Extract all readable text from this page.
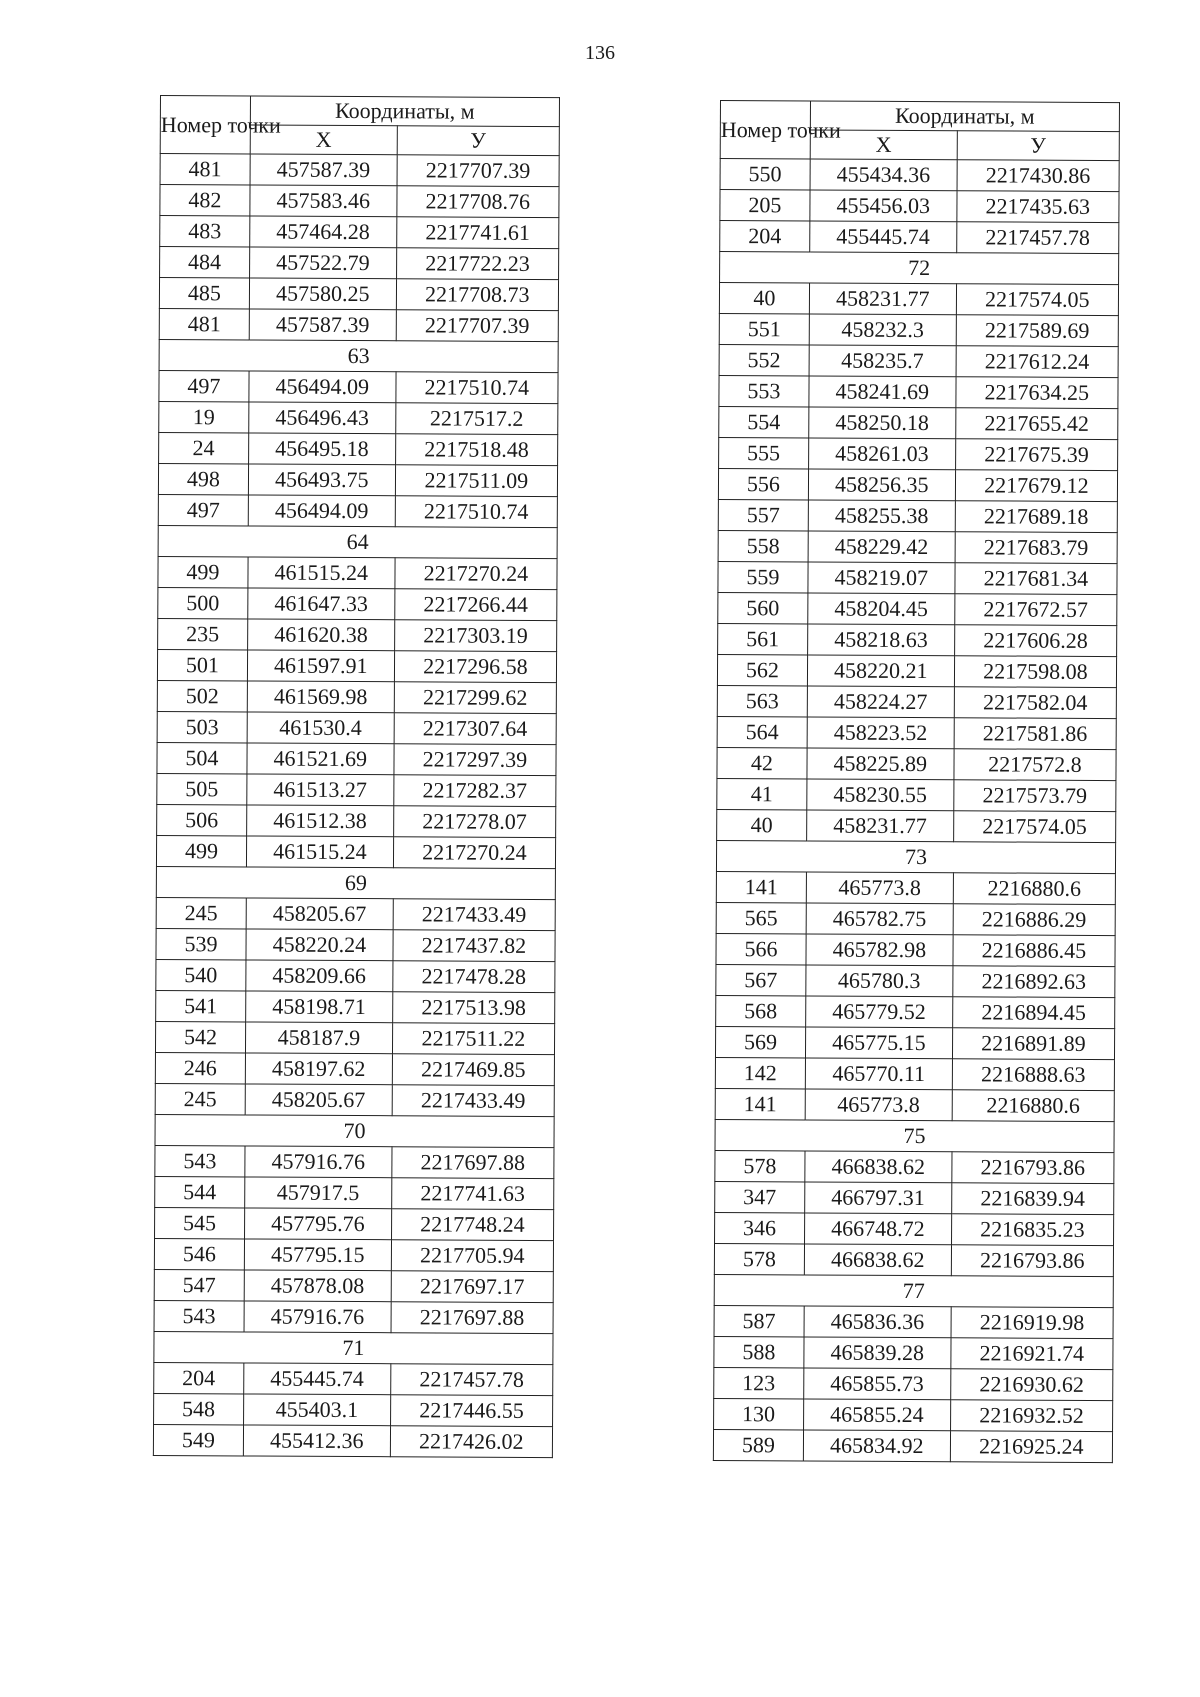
136
Номер точки	Координаты, м	
	X	У
481	457587.39	2217707.39
482	457583.46	2217708.76
483	457464.28	2217741.61
484	457522.79	2217722.23
485	457580.25	2217708.73
481	457587.39	2217707.39
63		
497	456494.09	2217510.74
19	456496.43	2217517.2
24	456495.18	2217518.48
498	456493.75	2217511.09
497	456494.09	2217510.74
64		
499	461515.24	2217270.24
500	461647.33	2217266.44
235	461620.38	2217303.19
501	461597.91	2217296.58
502	461569.98	2217299.62
503	461530.4	2217307.64
504	461521.69	2217297.39
505	461513.27	2217282.37
506	461512.38	2217278.07
499	461515.24	2217270.24
69		
245	458205.67	2217433.49
539	458220.24	2217437.82
540	458209.66	2217478.28
541	458198.71	2217513.98
542	458187.9	2217511.22
246	458197.62	2217469.85
245	458205.67	2217433.49
70		
543	457916.76	2217697.88
544	457917.5	2217741.63
545	457795.76	2217748.24
546	457795.15	2217705.94
547	457878.08	2217697.17
543	457916.76	2217697.88
71		
204	455445.74	2217457.78
548	455403.1	2217446.55
549	455412.36	2217426.02
Номер точки	Координаты, м	
	X	У
550	455434.36	2217430.86
205	455456.03	2217435.63
204	455445.74	2217457.78
72		
40	458231.77	2217574.05
551	458232.3	2217589.69
552	458235.7	2217612.24
553	458241.69	2217634.25
554	458250.18	2217655.42
555	458261.03	2217675.39
556	458256.35	2217679.12
557	458255.38	2217689.18
558	458229.42	2217683.79
559	458219.07	2217681.34
560	458204.45	2217672.57
561	458218.63	2217606.28
562	458220.21	2217598.08
563	458224.27	2217582.04
564	458223.52	2217581.86
42	458225.89	2217572.8
41	458230.55	2217573.79
40	458231.77	2217574.05
73		
141	465773.8	2216880.6
565	465782.75	2216886.29
566	465782.98	2216886.45
567	465780.3	2216892.63
568	465779.52	2216894.45
569	465775.15	2216891.89
142	465770.11	2216888.63
141	465773.8	2216880.6
75		
578	466838.62	2216793.86
347	466797.31	2216839.94
346	466748.72	2216835.23
578	466838.62	2216793.86
77		
587	465836.36	2216919.98
588	465839.28	2216921.74
123	465855.73	2216930.62
130	465855.24	2216932.52
589	465834.92	2216925.24
